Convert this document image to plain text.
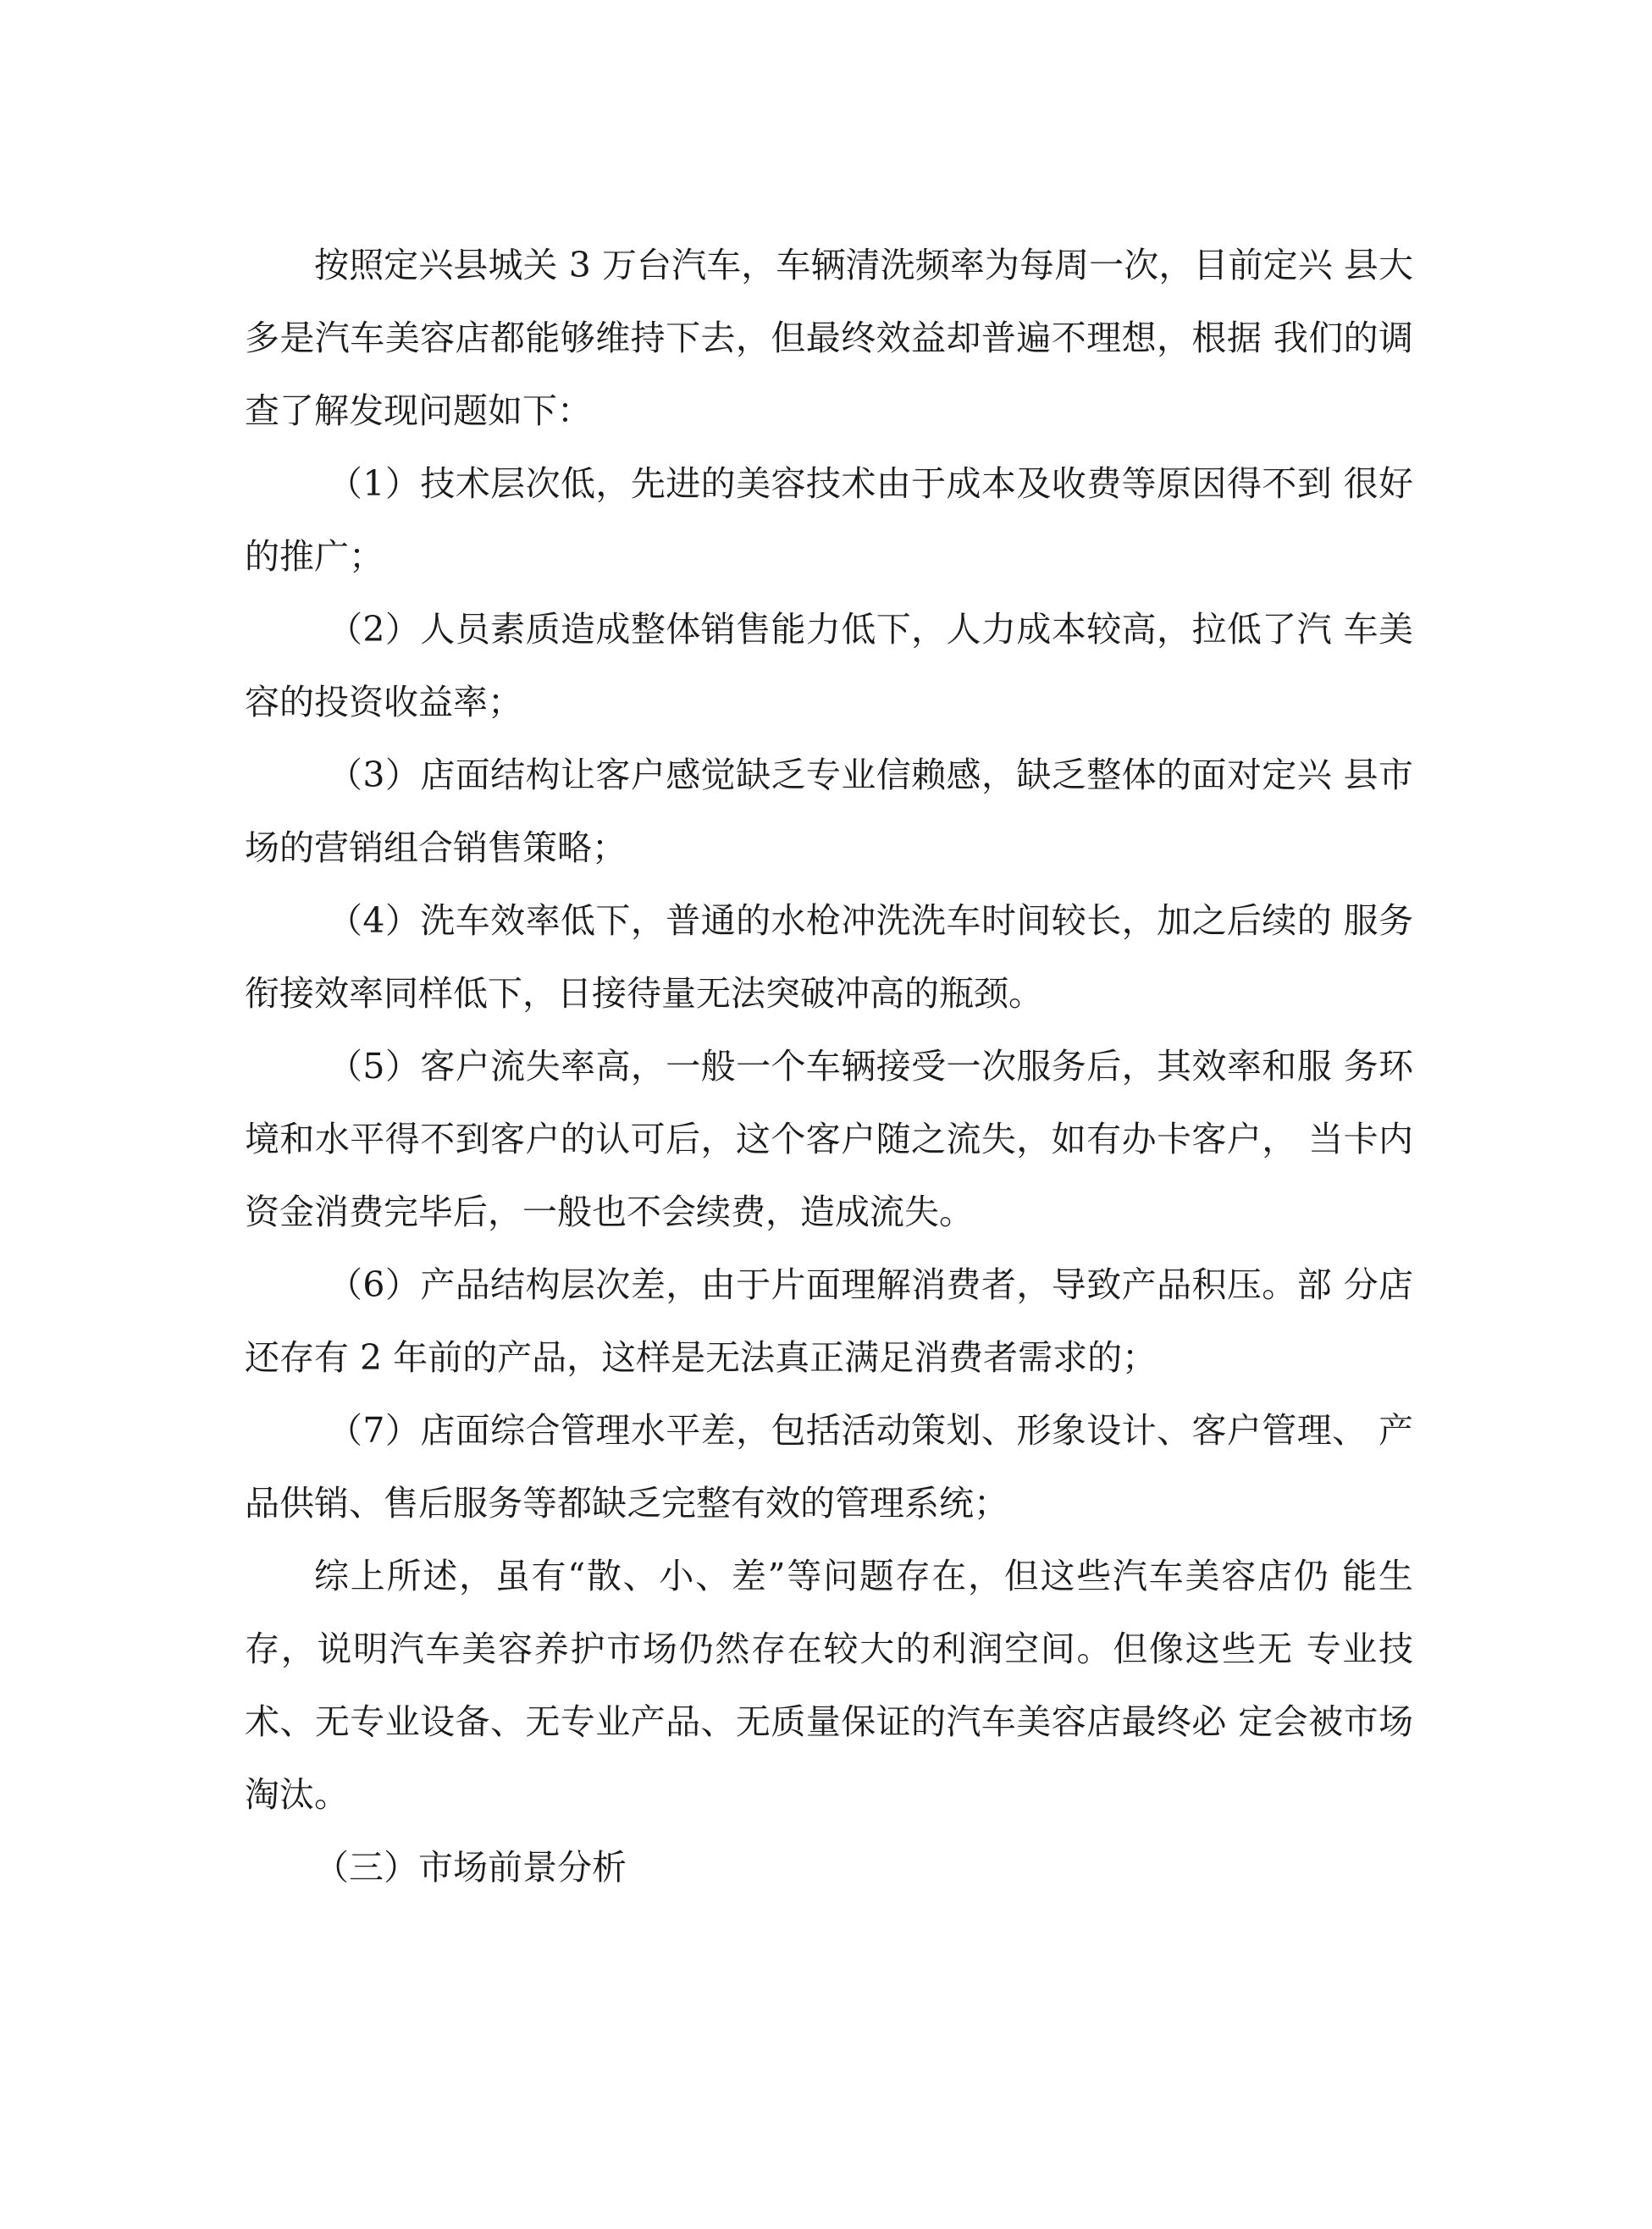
按照定兴县城关 3 万台汽车，车辆清洗频率为每周一次，目前定兴 县大多是汽车美容店都能够维持下去，但最终效益却普遍不理想，根据 我们的调查了解发现问题如下：

（1）技术层次低，先进的美容技术由于成本及收费等原因得不到 很好的推广；

（2）人员素质造成整体销售能力低下，人力成本较高，拉低了汽 车美容的投资收益率；

（3）店面结构让客户感觉缺乏专业信赖感，缺乏整体的面对定兴 县市场的营销组合销售策略；

（4）洗车效率低下，普通的水枪冲洗洗车时间较长，加之后续的 服务衔接效率同样低下，日接待量无法突破冲高的瓶颈。

（5）客户流失率高，一般一个车辆接受一次服务后，其效率和服 务环境和水平得不到客户的认可后，这个客户随之流失，如有办卡客户， 当卡内资金消费完毕后，一般也不会续费，造成流失。

（6）产品结构层次差，由于片面理解消费者，导致产品积压。部 分店还存有 2 年前的产品，这样是无法真正满足消费者需求的；

（7）店面综合管理水平差，包括活动策划、形象设计、客户管理、 产品供销、售后服务等都缺乏完整有效的管理系统；

综上所述，虽有“散、小、差”等问题存在，但这些汽车美容店仍 能生存，说明汽车美容养护市场仍然存在较大的利润空间。但像这些无 专业技术、无专业设备、无专业产品、无质量保证的汽车美容店最终必 定会被市场淘汰。

（三）市场前景分析
